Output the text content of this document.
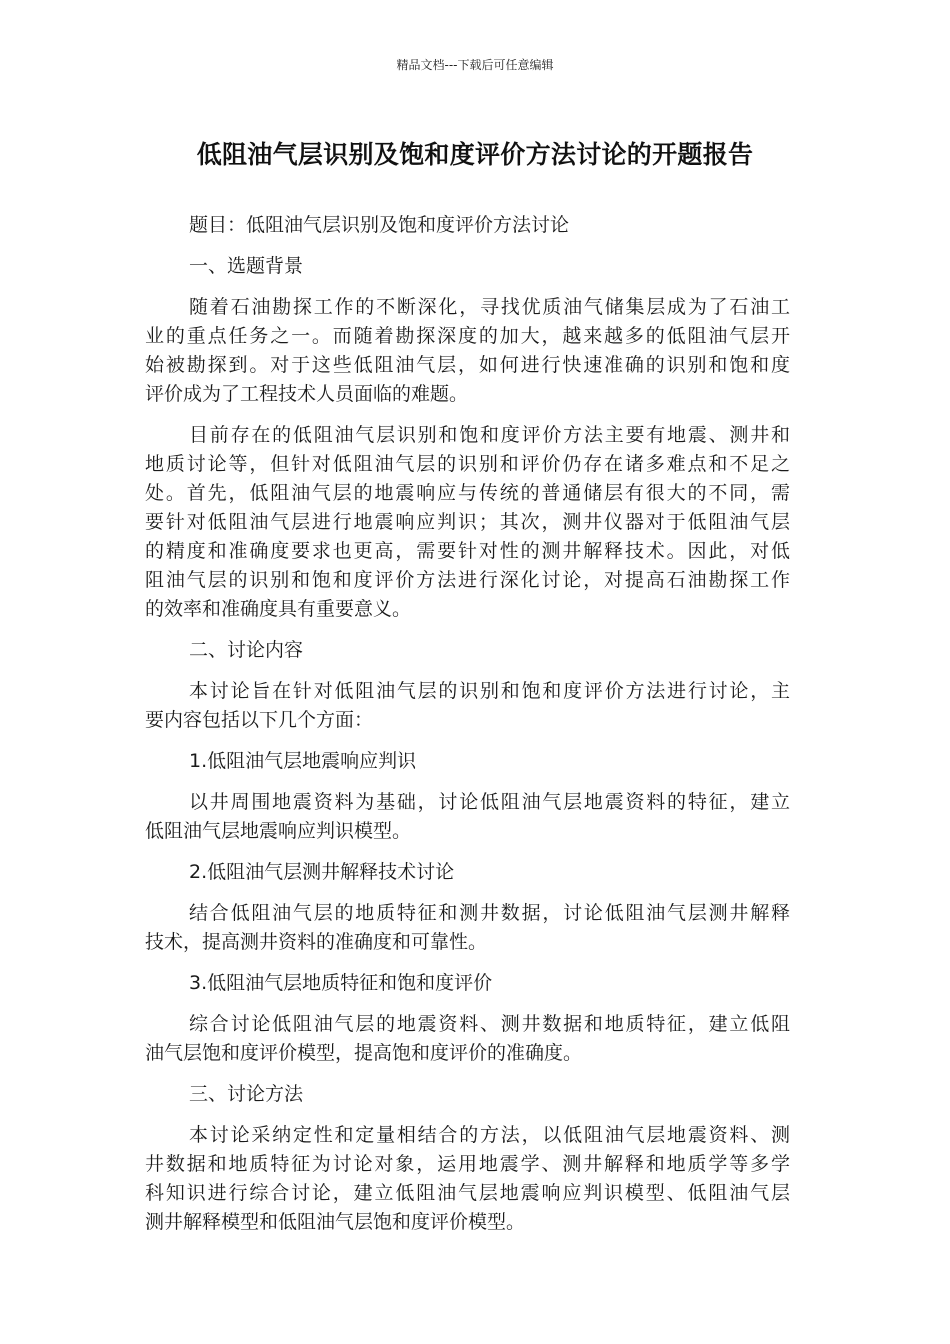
精品文档---下载后可任意编辑
低阻油气层识别及饱和度评价方法讨论的开题报告
题目：低阻油气层识别及饱和度评价方法讨论
一、选题背景
随着石油勘探工作的不断深化，寻找优质油气储集层成为了石油工
业的重点任务之一。而随着勘探深度的加大，越来越多的低阻油气层开
始被勘探到。对于这些低阻油气层，如何进行快速准确的识别和饱和度
评价成为了工程技术人员面临的难题。
目前存在的低阻油气层识别和饱和度评价方法主要有地震、测井和
地质讨论等，但针对低阻油气层的识别和评价仍存在诸多难点和不足之
处。首先，低阻油气层的地震响应与传统的普通储层有很大的不同，需
要针对低阻油气层进行地震响应判识；其次，测井仪器对于低阻油气层
的精度和准确度要求也更高，需要针对性的测井解释技术。因此，对低
阻油气层的识别和饱和度评价方法进行深化讨论，对提高石油勘探工作
的效率和准确度具有重要意义。
二、讨论内容
本讨论旨在针对低阻油气层的识别和饱和度评价方法进行讨论，主
要内容包括以下几个方面：
1.低阻油气层地震响应判识
以井周围地震资料为基础，讨论低阻油气层地震资料的特征，建立
低阻油气层地震响应判识模型。
2.低阻油气层测井解释技术讨论
结合低阻油气层的地质特征和测井数据，讨论低阻油气层测井解释
技术，提高测井资料的准确度和可靠性。
3.低阻油气层地质特征和饱和度评价
综合讨论低阻油气层的地震资料、测井数据和地质特征，建立低阻
油气层饱和度评价模型，提高饱和度评价的准确度。
三、讨论方法
本讨论采纳定性和定量相结合的方法，以低阻油气层地震资料、测
井数据和地质特征为讨论对象，运用地震学、测井解释和地质学等多学
科知识进行综合讨论，建立低阻油气层地震响应判识模型、低阻油气层
测井解释模型和低阻油气层饱和度评价模型。
